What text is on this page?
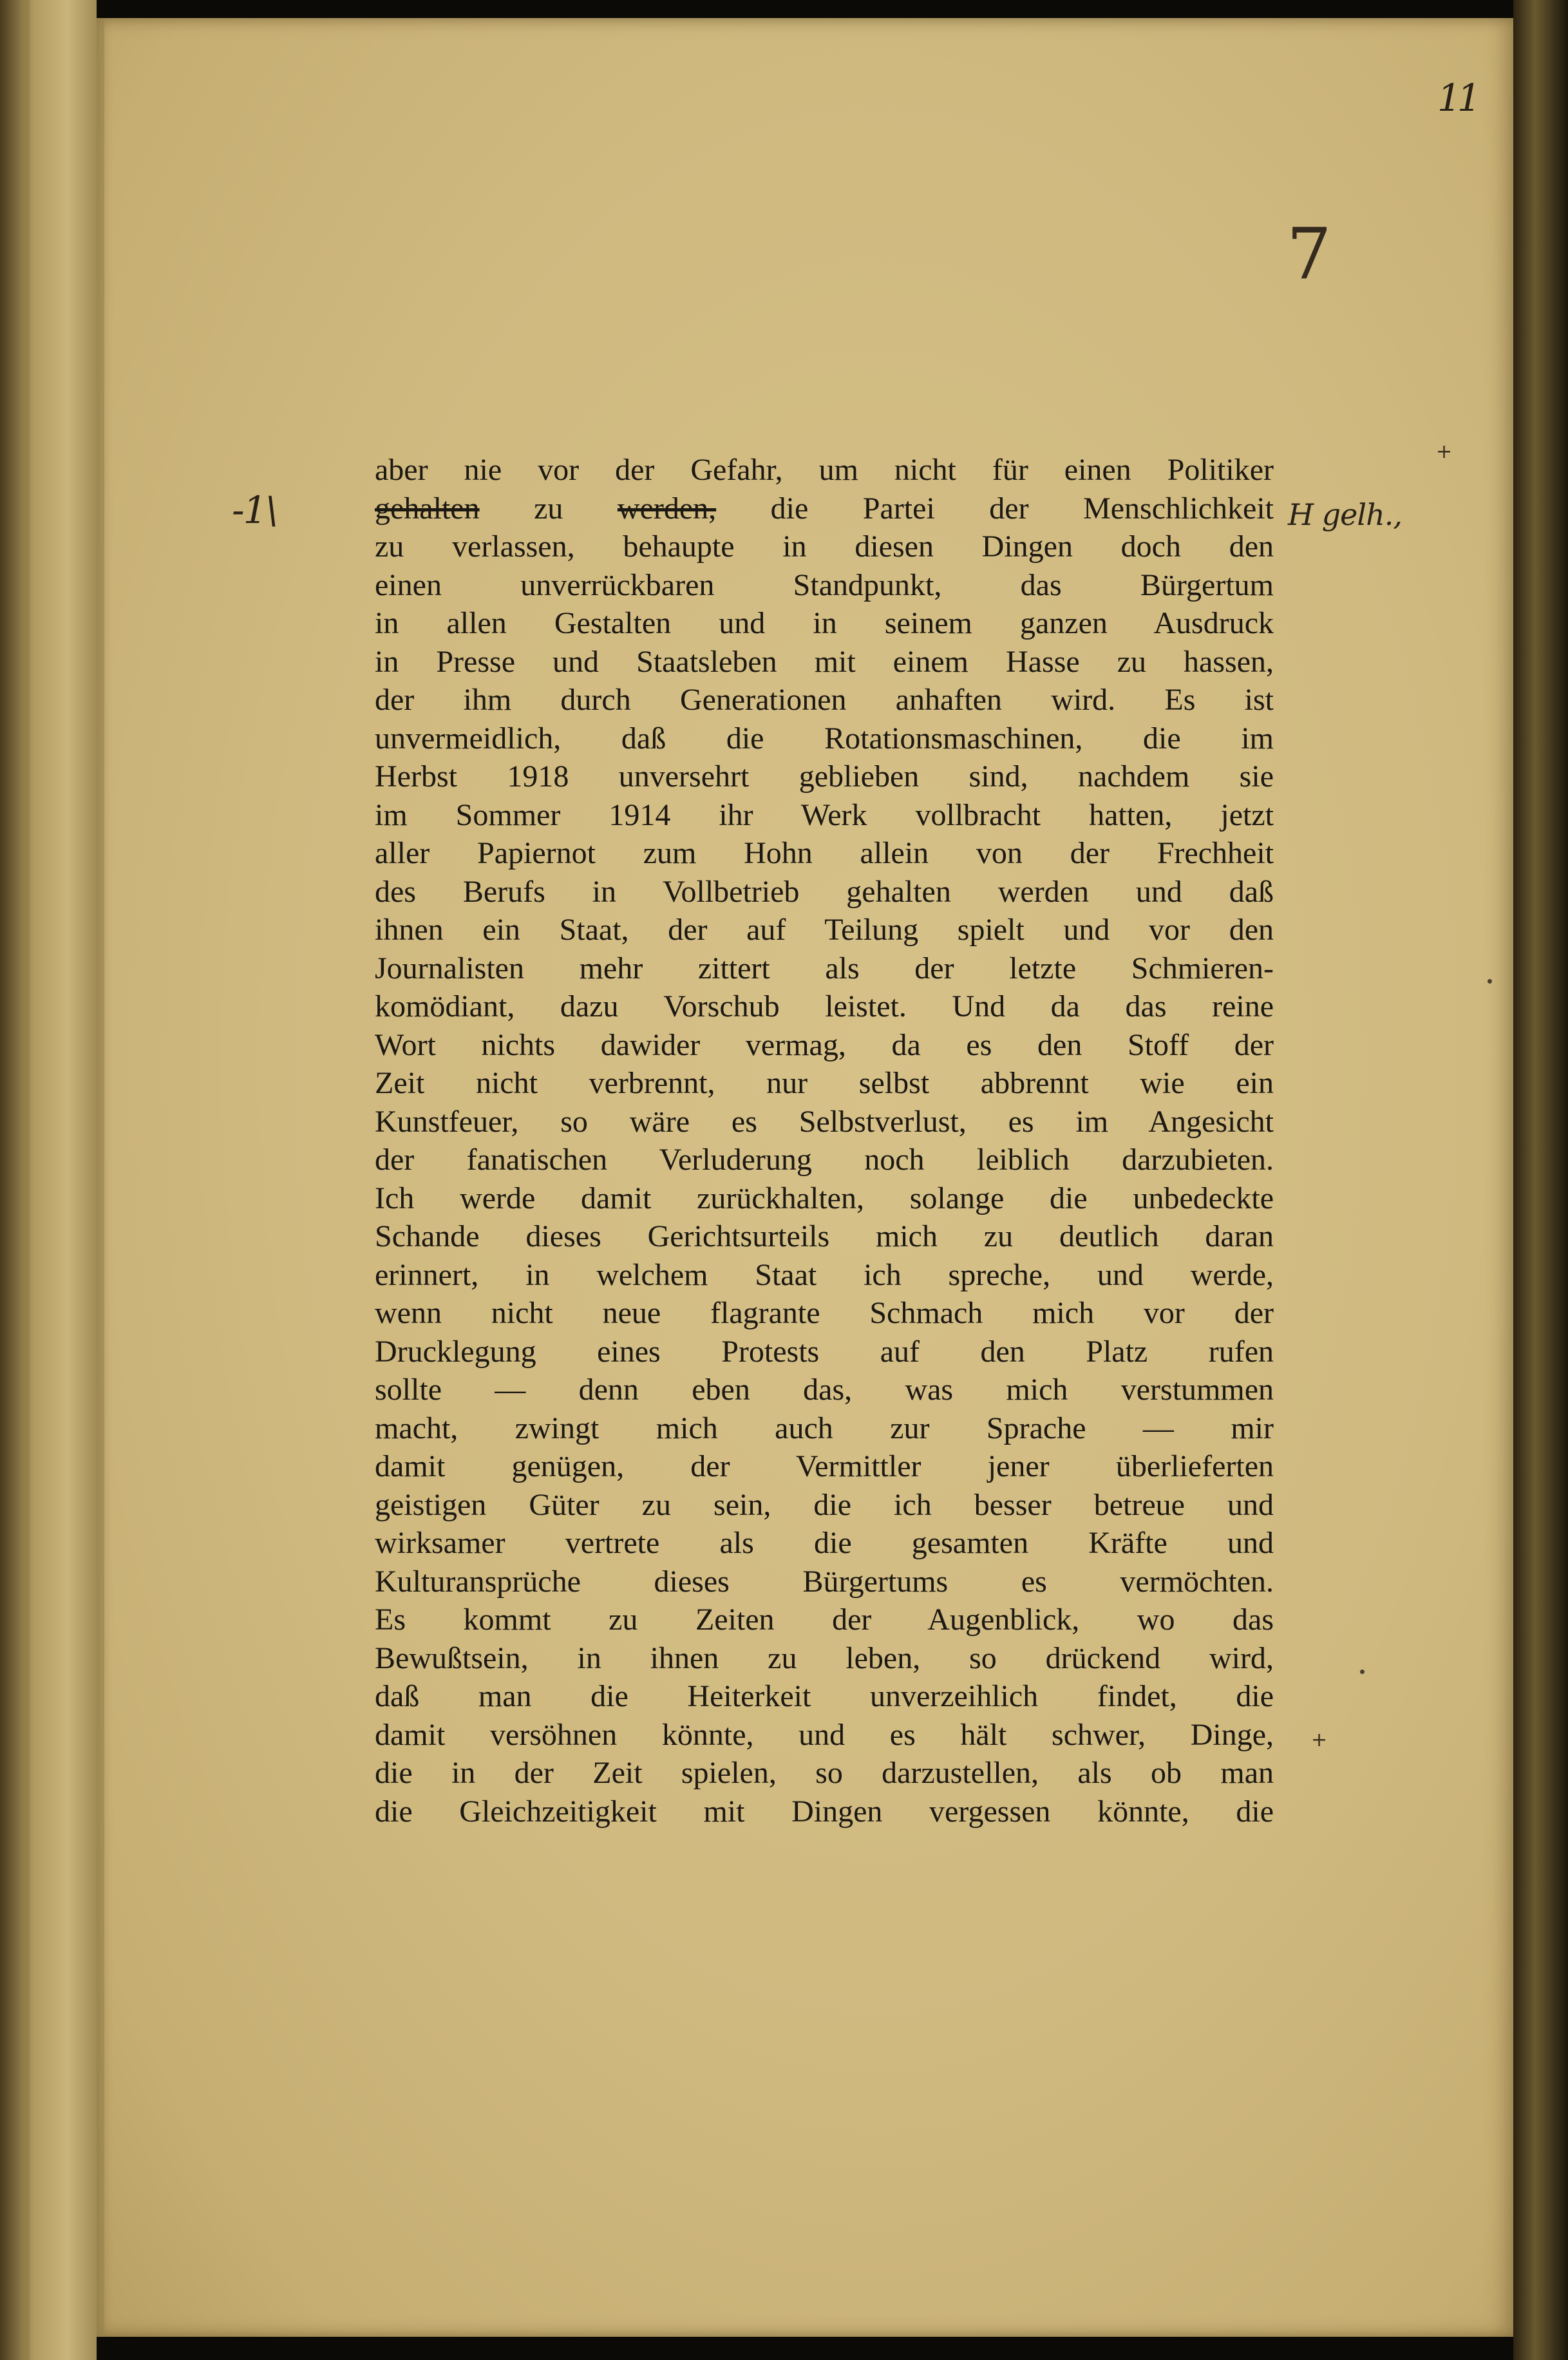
11
7
-1\	H gelh.,
+
+
aber nie vor der Gefahr, um nicht für einen Politiker
gehalten zu werden, die Partei der Menschlichkeit
zu verlassen, behaupte in diesen Dingen doch den
einen unverrückbaren Standpunkt, das Bürgertum
in allen Gestalten und in seinem ganzen Ausdruck
in Presse und Staatsleben mit einem Hasse zu hassen,
der ihm durch Generationen anhaften wird. Es ist
unvermeidlich, daß die Rotationsmaschinen, die im
Herbst 1918 unversehrt geblieben sind, nachdem sie
im Sommer 1914 ihr Werk vollbracht hatten, jetzt
aller Papiernot zum Hohn allein von der Frechheit
des Berufs in Vollbetrieb gehalten werden und daß
ihnen ein Staat, der auf Teilung spielt und vor den
Journalisten mehr zittert als der letzte Schmieren-
komödiant, dazu Vorschub leistet. Und da das reine
Wort nichts dawider vermag, da es den Stoff der
Zeit nicht verbrennt, nur selbst abbrennt wie ein
Kunstfeuer, so wäre es Selbstverlust, es im Angesicht
der fanatischen Verluderung noch leiblich darzubieten.
Ich werde damit zurückhalten, solange die unbedeckte
Schande dieses Gerichtsurteils mich zu deutlich daran
erinnert, in welchem Staat ich spreche, und werde,
wenn nicht neue flagrante Schmach mich vor der
Drucklegung eines Protests auf den Platz rufen
sollte — denn eben das, was mich verstummen
macht, zwingt mich auch zur Sprache — mir
damit genügen, der Vermittler jener überlieferten
geistigen Güter zu sein, die ich besser betreue und
wirksamer vertrete als die gesamten Kräfte und
Kulturansprüche dieses Bürgertums es vermöchten.
Es kommt zu Zeiten der Augenblick, wo das
Bewußtsein, in ihnen zu leben, so drückend wird,
daß man die Heiterkeit unverzeihlich findet, die
damit versöhnen könnte, und es hält schwer, Dinge,
die in der Zeit spielen, so darzustellen, als ob man
die Gleichzeitigkeit mit Dingen vergessen könnte, die
